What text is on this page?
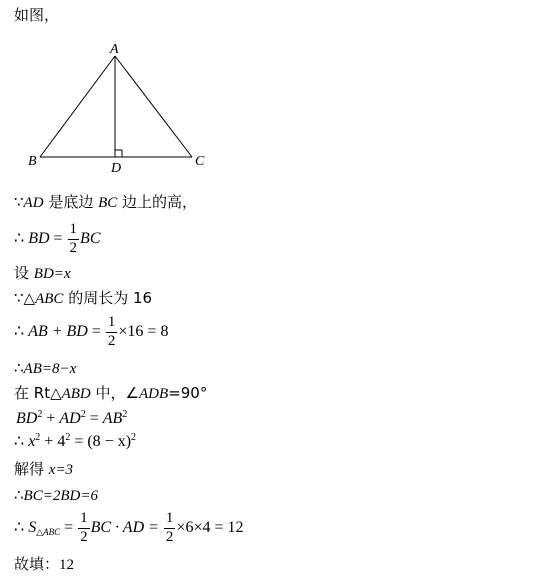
如图，
A
B	C
D
∵AD 是底边 BC 边上的高，
∴ BD = $\frac{1}{2}$ BC
设 BD=x
∵△ABC 的周长为 16
∴ AB + BD = $\frac{1}{2} \times 16 = 8$
∴AB=8−x
在 Rt△ABD 中，∠ADB=90°
$BD^2 + AD^2 = AB^2$
∴ $x^2 + 4^2 = (8 - x)^2$
解得 x=3
∴BC=2BD=6
∴ $S_{\triangle ABC} = \frac{1}{2}$ BC · AD = $\frac{1}{2} \times 6\times 4 = 12$
故填：12
